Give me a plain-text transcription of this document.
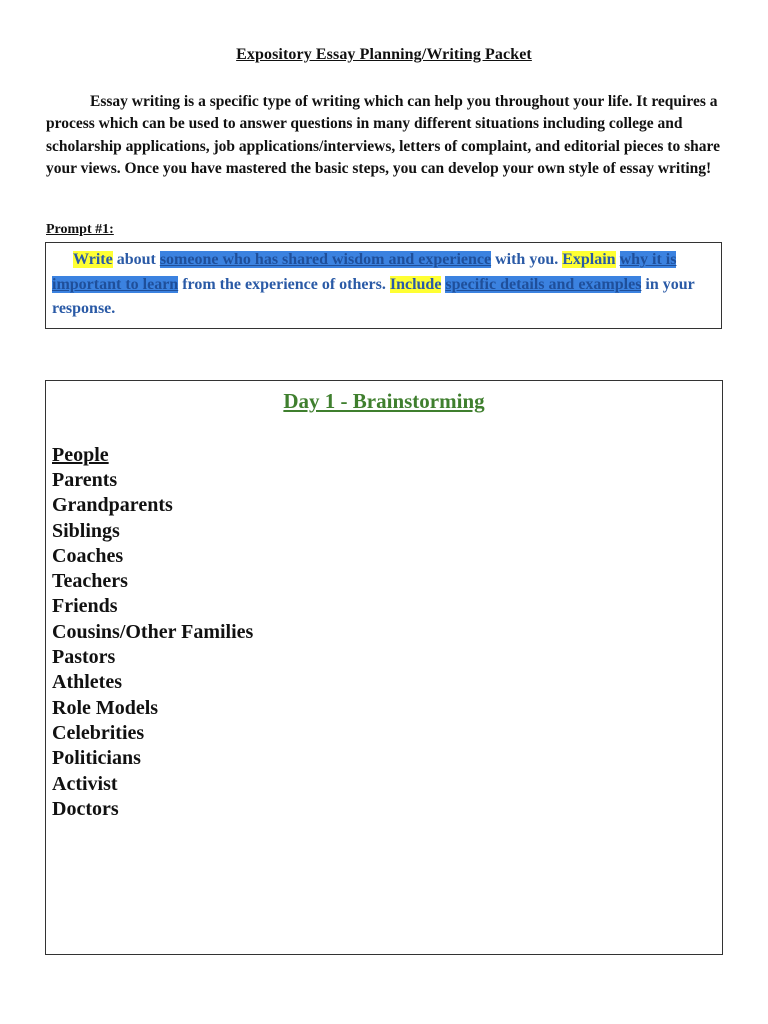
Expository Essay Planning/Writing Packet

Essay writing is a specific type of writing which can help you throughout your life. It requires a process which can be used to answer questions in many different situations including college and scholarship applications, job applications/interviews, letters of complaint, and editorial pieces to share your views. Once you have mastered the basic steps, you can develop your own style of essay writing!

Prompt #1:

Write about someone who has shared wisdom and experience with you. Explain why it is important to learn from the experience of others. Include specific details and examples in your response.

Day 1 - Brainstorming
People
Parents
Grandparents
Siblings
Coaches
Teachers
Friends
Cousins/Other Families
Pastors
Athletes
Role Models
Celebrities
Politicians
Activist
Doctors
